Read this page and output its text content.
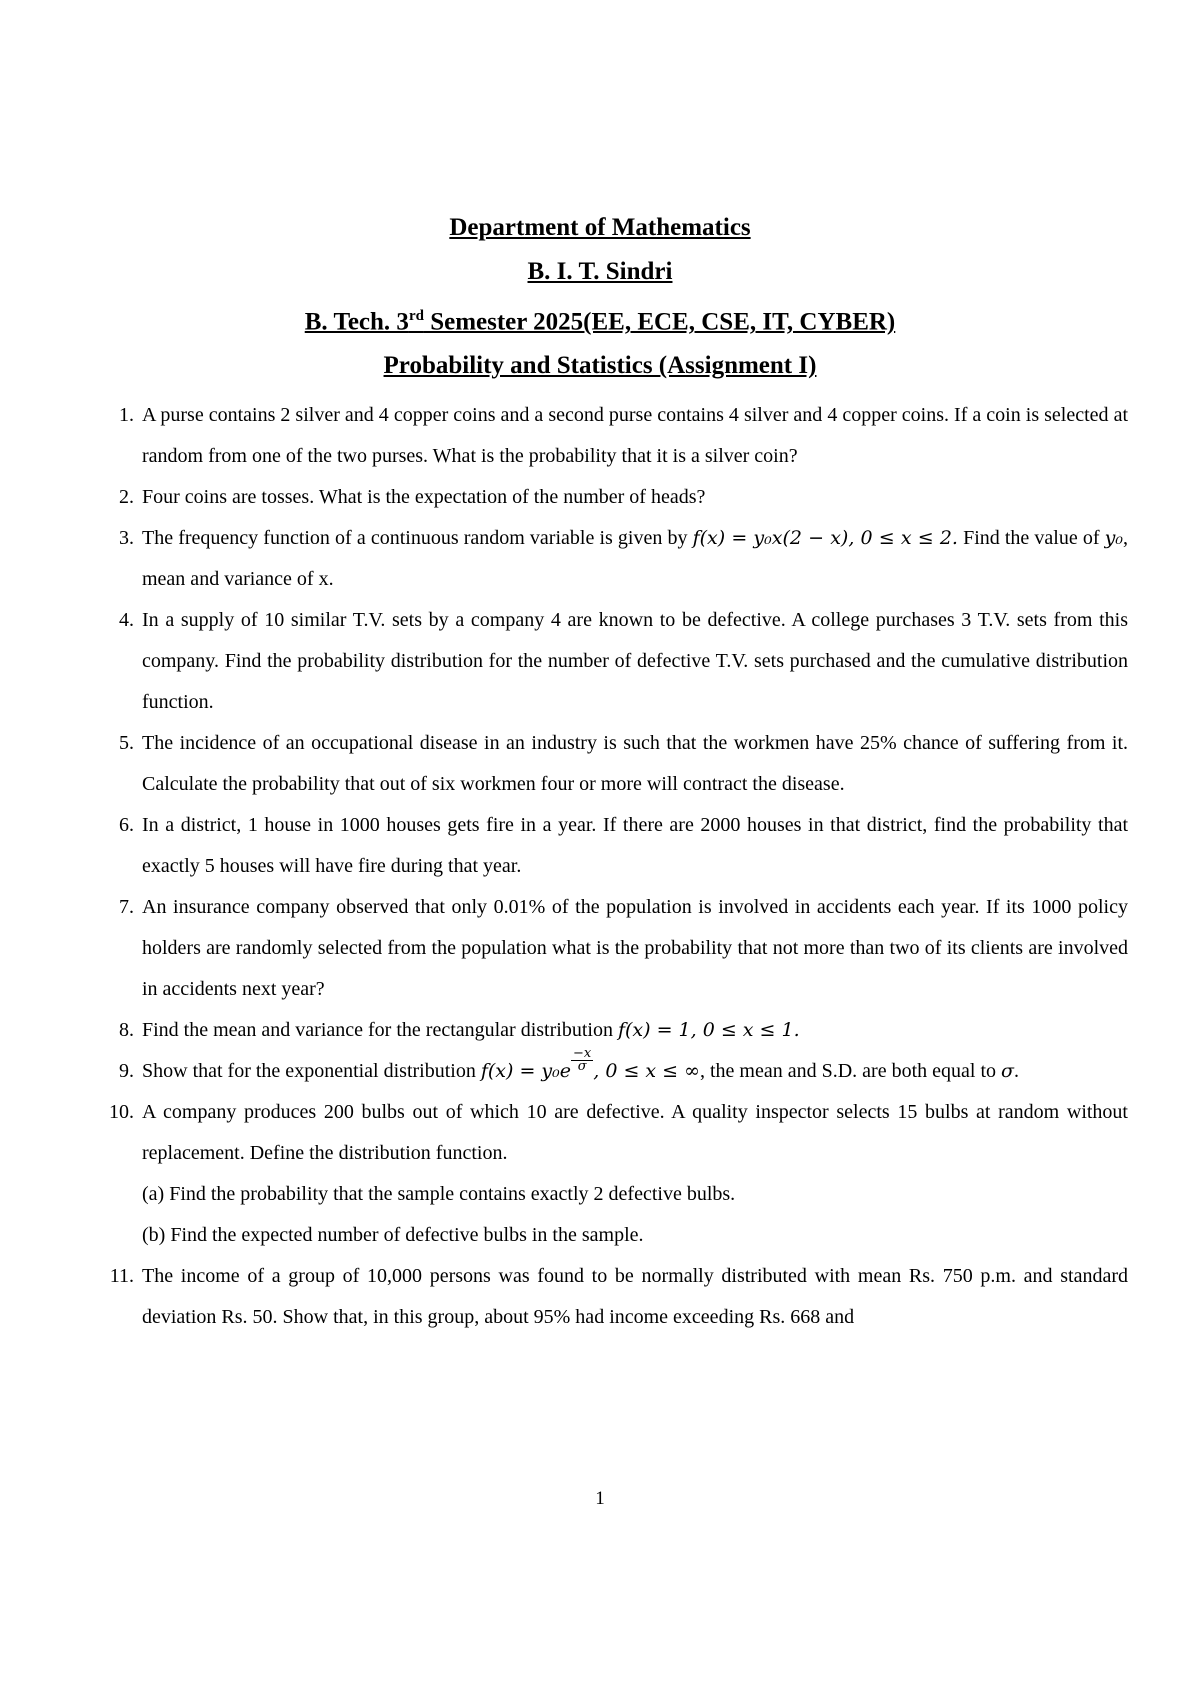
Department of Mathematics
B. I. T. Sindri
B. Tech. 3rd Semester 2025(EE, ECE, CSE, IT, CYBER)
Probability and Statistics (Assignment I)
1. A purse contains 2 silver and 4 copper coins and a second purse contains 4 silver and 4 copper coins. If a coin is selected at random from one of the two purses. What is the probability that it is a silver coin?
2. Four coins are tosses. What is the expectation of the number of heads?
3. The frequency function of a continuous random variable is given by f(x) = y₀x(2 − x), 0 ≤ x ≤ 2. Find the value of y₀, mean and variance of x.
4. In a supply of 10 similar T.V. sets by a company 4 are known to be defective. A college purchases 3 T.V. sets from this company. Find the probability distribution for the number of defective T.V. sets purchased and the cumulative distribution function.
5. The incidence of an occupational disease in an industry is such that the workmen have 25% chance of suffering from it. Calculate the probability that out of six workmen four or more will contract the disease.
6. In a district, 1 house in 1000 houses gets fire in a year. If there are 2000 houses in that district, find the probability that exactly 5 houses will have fire during that year.
7. An insurance company observed that only 0.01% of the population is involved in accidents each year. If its 1000 policy holders are randomly selected from the population what is the probability that not more than two of its clients are involved in accidents next year?
8. Find the mean and variance for the rectangular distribution f(x) = 1, 0 ≤ x ≤ 1.
9. Show that for the exponential distribution $f(x) = y_0e \frac{-x}{\sigma}$ , 0 ≤ x ≤ ∞, the mean and S.D. are both equal to σ.
10. A company produces 200 bulbs out of which 10 are defective. A quality inspector selects 15 bulbs at random without replacement. Define the distribution function.
(a) Find the probability that the sample contains exactly 2 defective bulbs.
(b) Find the expected number of defective bulbs in the sample.
11. The income of a group of 10,000 persons was found to be normally distributed with mean Rs. 750 p.m. and standard deviation Rs. 50. Show that, in this group, about 95% had income exceeding Rs. 668 and
1
